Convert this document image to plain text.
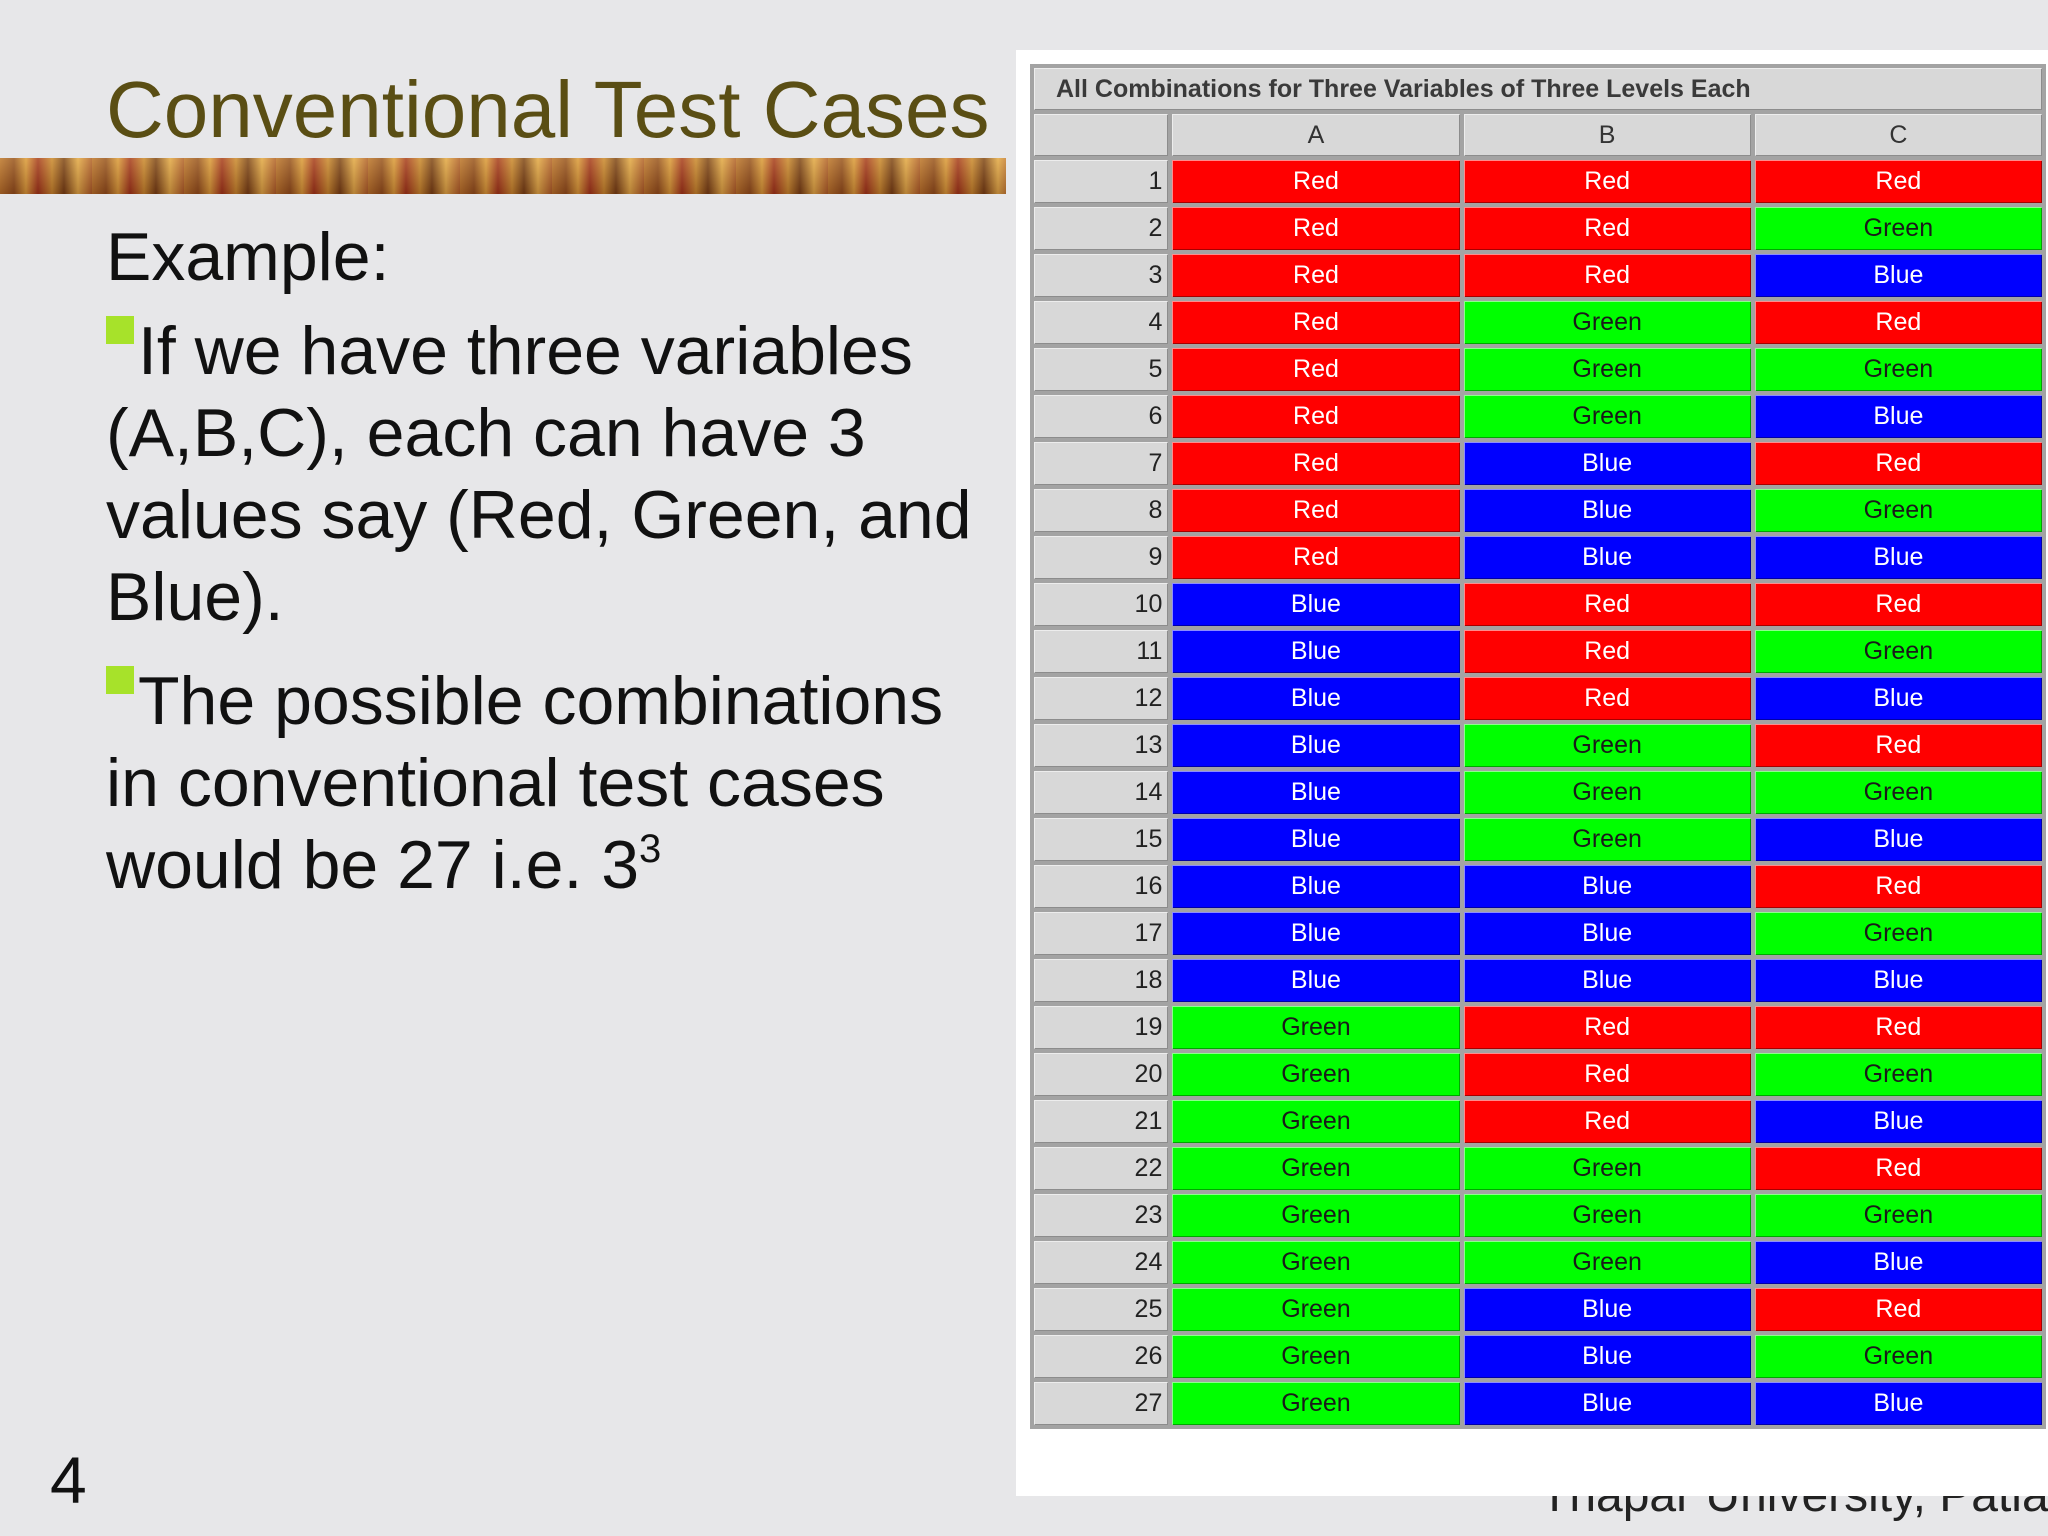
Conventional Test Cases

Example:

If we have three variables (A,B,C), each can have 3 values say (Red, Green, and Blue).

The possible combinations in conventional test cases would be 27 i.e. $3^3$

4
All Combinations for Three Variables of Three Levels Each			
	A	B	C
1	Red	Red	Red
2	Red	Red	Green
3	Red	Red	Blue
4	Red	Green	Red
5	Red	Green	Green
6	Red	Green	Blue
7	Red	Blue	Red
8	Red	Blue	Green
9	Red	Blue	Blue
10	Blue	Red	Red
11	Blue	Red	Green
12	Blue	Red	Blue
13	Blue	Green	Red
14	Blue	Green	Green
15	Blue	Green	Blue
16	Blue	Blue	Red
17	Blue	Blue	Green
18	Blue	Blue	Blue
19	Green	Red	Red
20	Green	Red	Green
21	Green	Red	Blue
22	Green	Green	Red
23	Green	Green	Green
24	Green	Green	Blue
25	Green	Blue	Red
26	Green	Blue	Green
27	Green	Blue	Blue
